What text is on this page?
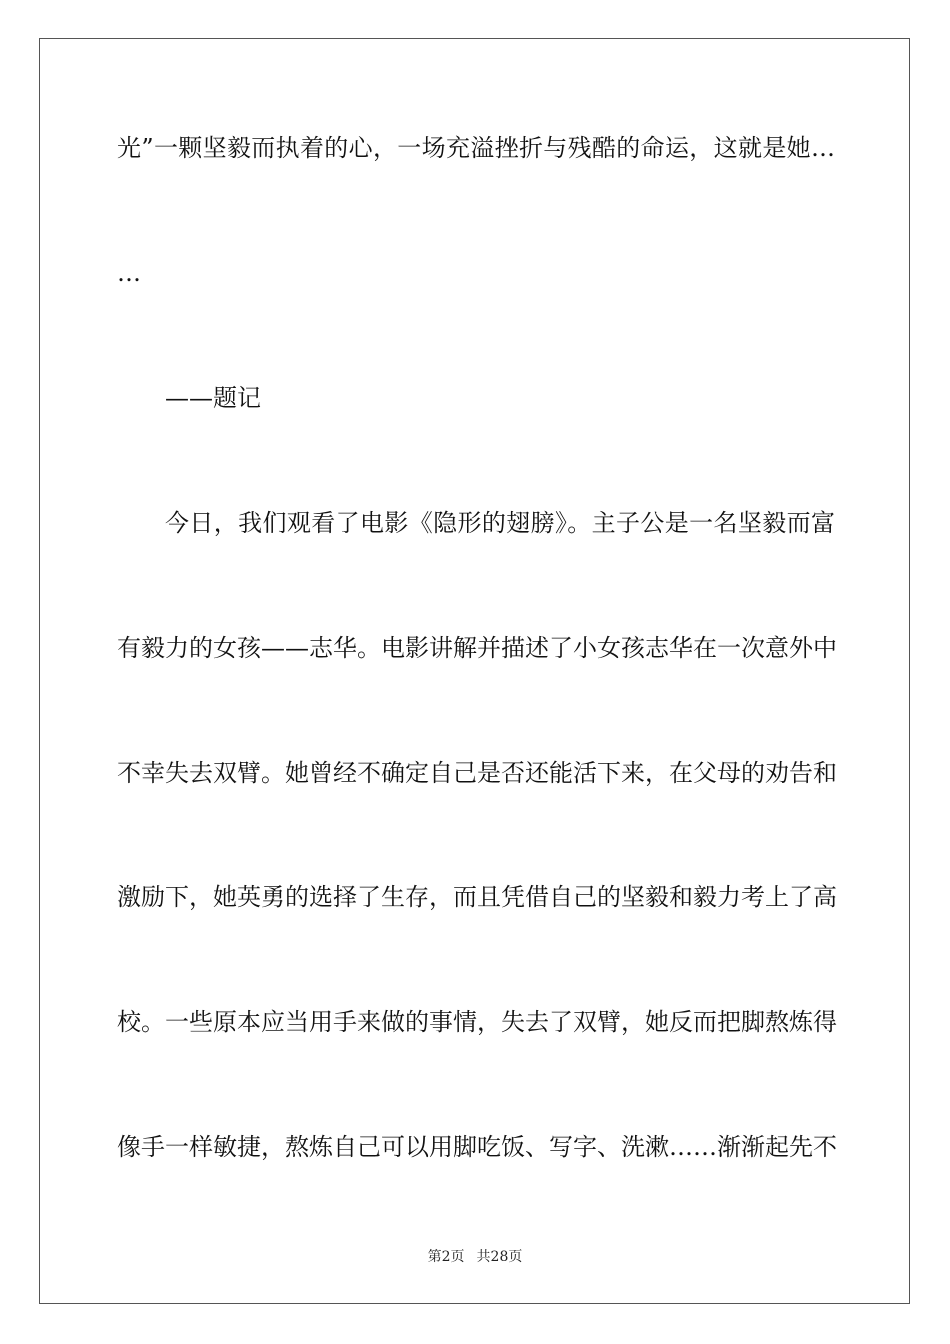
光”一颗坚毅而执着的心，一场充溢挫折与残酷的命运，这就是她…
…
——题记
今日，我们观看了电影《隐形的翅膀》。主子公是一名坚毅而富
有毅力的女孩——志华。电影讲解并描述了小女孩志华在一次意外中
不幸失去双臂。她曾经不确定自己是否还能活下来，在父母的劝告和
激励下，她英勇的选择了生存，而且凭借自己的坚毅和毅力考上了高
校。一些原本应当用手来做的事情，失去了双臂，她反而把脚熬炼得
像手一样敏捷，熬炼自己可以用脚吃饭、写字、洗漱……渐渐起先不
第2页 共28页
